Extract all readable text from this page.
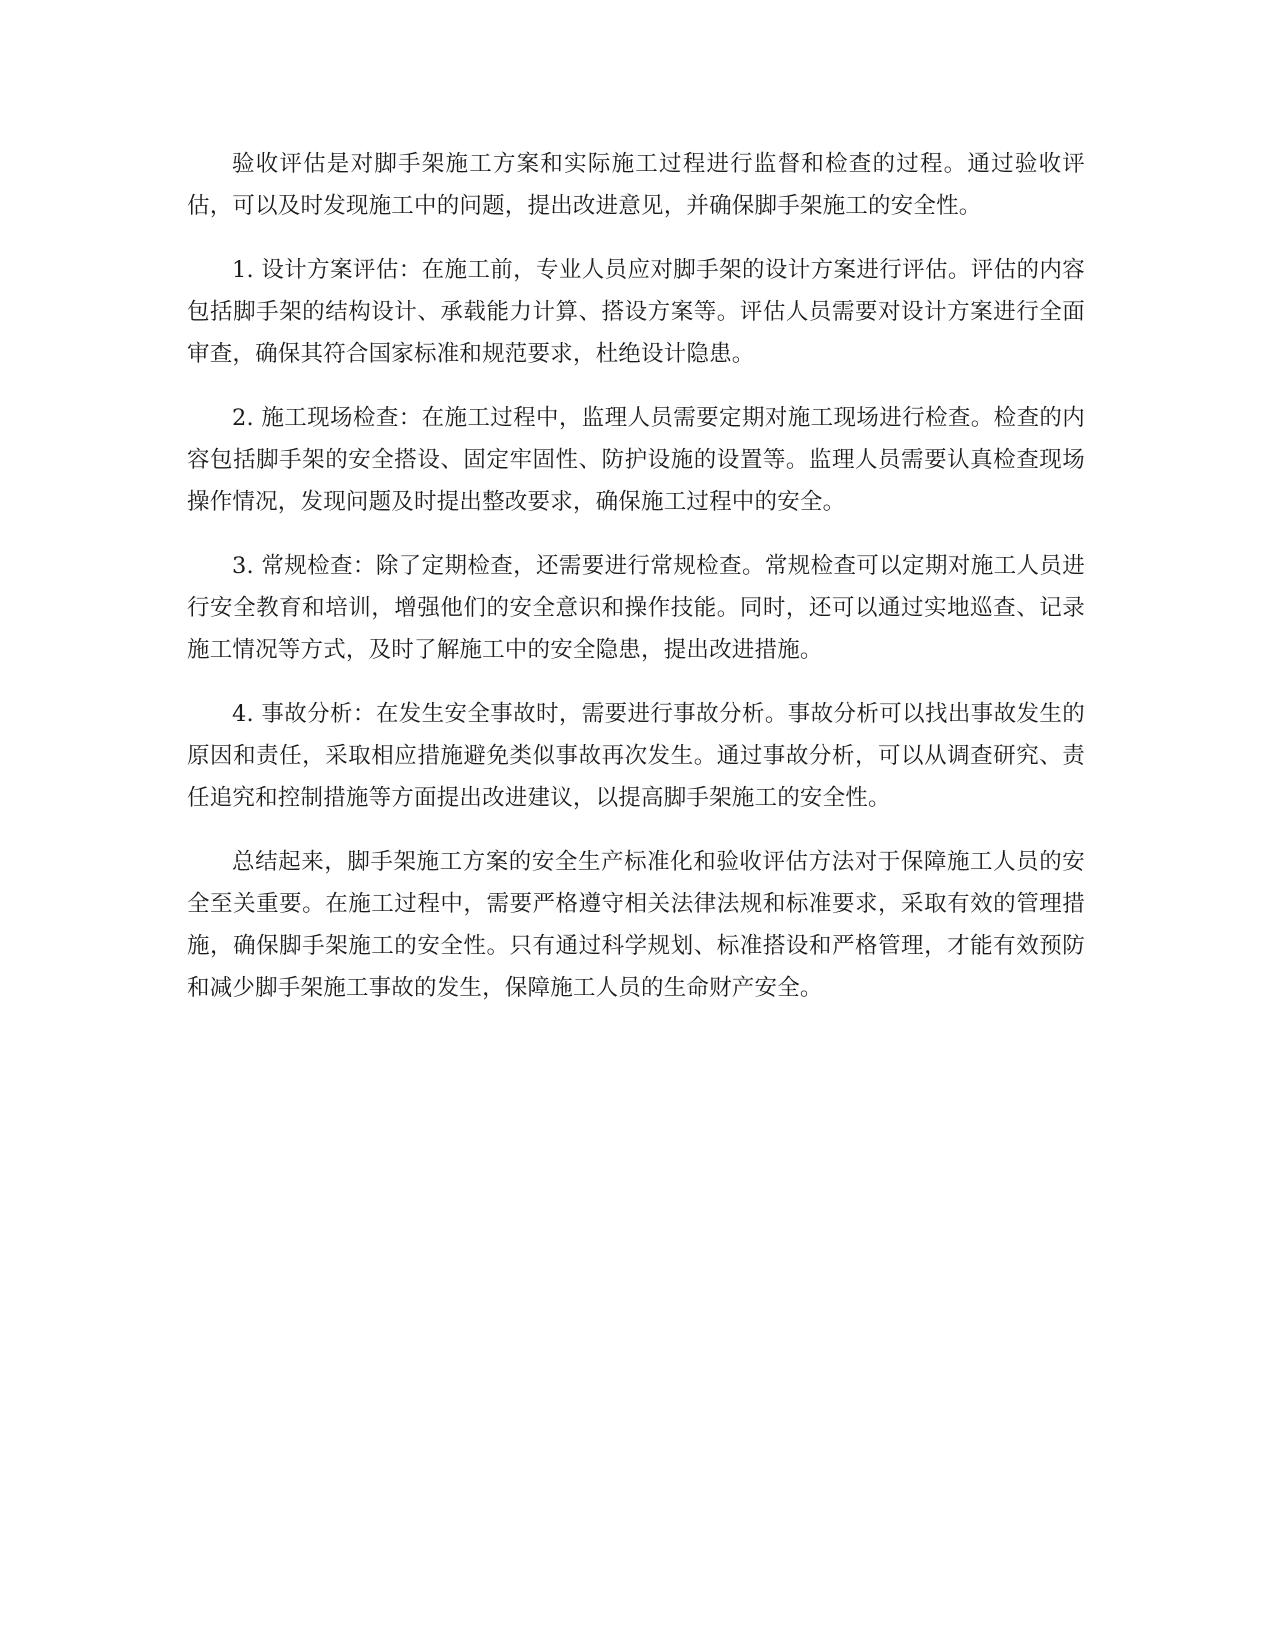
验收评估是对脚手架施工方案和实际施工过程进行监督和检查的过程。通过验收评估，可以及时发现施工中的问题，提出改进意见，并确保脚手架施工的安全性。

1. 设计方案评估：在施工前，专业人员应对脚手架的设计方案进行评估。评估的内容包括脚手架的结构设计、承载能力计算、搭设方案等。评估人员需要对设计方案进行全面审查，确保其符合国家标准和规范要求，杜绝设计隐患。

2. 施工现场检查：在施工过程中，监理人员需要定期对施工现场进行检查。检查的内容包括脚手架的安全搭设、固定牢固性、防护设施的设置等。监理人员需要认真检查现场操作情况，发现问题及时提出整改要求，确保施工过程中的安全。

3. 常规检查：除了定期检查，还需要进行常规检查。常规检查可以定期对施工人员进行安全教育和培训，增强他们的安全意识和操作技能。同时，还可以通过实地巡查、记录施工情况等方式，及时了解施工中的安全隐患，提出改进措施。

4. 事故分析：在发生安全事故时，需要进行事故分析。事故分析可以找出事故发生的原因和责任，采取相应措施避免类似事故再次发生。通过事故分析，可以从调查研究、责任追究和控制措施等方面提出改进建议，以提高脚手架施工的安全性。

总结起来，脚手架施工方案的安全生产标准化和验收评估方法对于保障施工人员的安全至关重要。在施工过程中，需要严格遵守相关法律法规和标准要求，采取有效的管理措施，确保脚手架施工的安全性。只有通过科学规划、标准搭设和严格管理，才能有效预防和减少脚手架施工事故的发生，保障施工人员的生命财产安全。
